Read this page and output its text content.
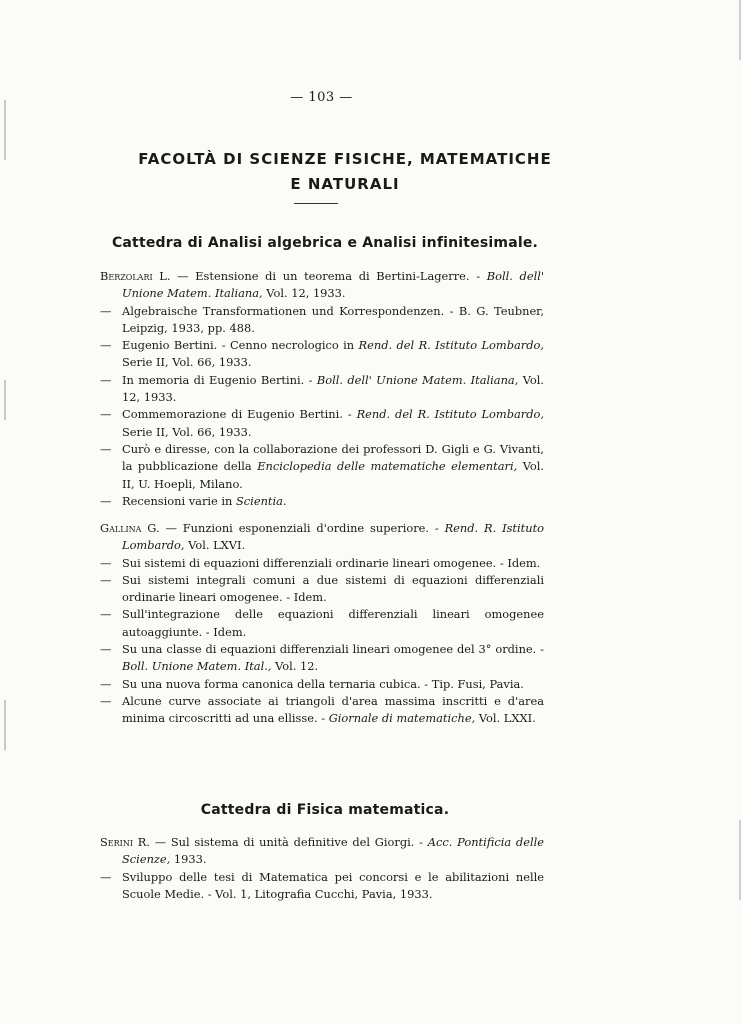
— 103 —
FACOLTÀ DI SCIENZE FISICHE, MATEMATICHE
E NATURALI
Cattedra di Analisi algebrica e Analisi infinitesimale.
Berzolari L. — Estensione di un teorema di Bertini-Lagerre. - Boll. dell' Unione Matem. Italiana, Vol. 12, 1933.
— Algebraische Transformationen und Korrespondenzen. - B. G. Teubner, Leipzig, 1933, pp. 488.
— Eugenio Bertini. - Cenno necrologico in Rend. del R. Istituto Lombardo, Serie II, Vol. 66, 1933.
— In memoria di Eugenio Bertini. - Boll. dell' Unione Matem. Italiana, Vol. 12, 1933.
— Commemorazione di Eugenio Bertini. - Rend. del R. Istituto Lombardo, Serie II, Vol. 66, 1933.
— Curò e diresse, con la collaborazione dei professori D. Gigli e G. Vivanti, la pubblicazione della Enciclopedia delle matematiche elementari, Vol. II, U. Hoepli, Milano.
— Recensioni varie in Scientia.
Gallina G. — Funzioni esponenziali d'ordine superiore. - Rend. R. Istituto Lombardo, Vol. LXVI.
— Sui sistemi di equazioni differenziali ordinarie lineari omogenee. - Idem.
— Sui sistemi integrali comuni a due sistemi di equazioni differenziali ordinarie lineari omogenee. - Idem.
— Sull'integrazione delle equazioni differenziali lineari omogenee autoaggiunte. - Idem.
— Su una classe di equazioni differenziali lineari omogenee del 3° ordine. - Boll. Unione Matem. Ital., Vol. 12.
— Su una nuova forma canonica della ternaria cubica. - Tip. Fusi, Pavia.
— Alcune curve associate ai triangoli d'area massima inscritti e d'area minima circoscritti ad una ellisse. - Giornale di matematiche, Vol. LXXI.
Cattedra di Fisica matematica.
Serini R. — Sul sistema di unità definitive del Giorgi. - Acc. Pontificia delle Scienze, 1933.
— Sviluppo delle tesi di Matematica pei concorsi e le abilitazioni nelle Scuole Medie. - Vol. 1, Litografia Cucchi, Pavia, 1933.
